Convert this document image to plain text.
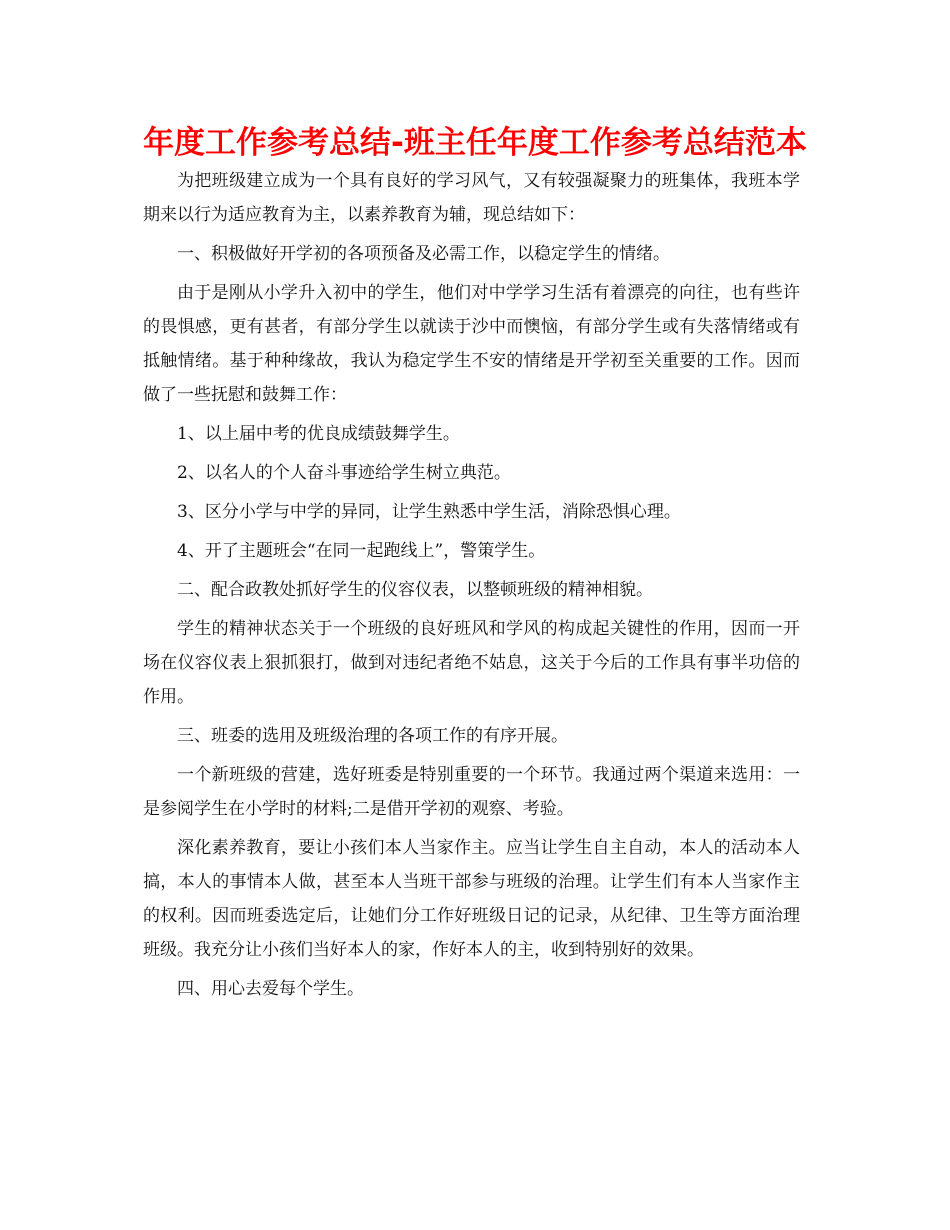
年度工作参考总结-班主任年度工作参考总结范本

为把班级建立成为一个具有良好的学习风气，又有较强凝聚力的班集体，我班本学期来以行为适应教育为主，以素养教育为辅，现总结如下：

一、积极做好开学初的各项预备及必需工作，以稳定学生的情绪。

由于是刚从小学升入初中的学生，他们对中学学习生活有着漂亮的向往，也有些许的畏惧感，更有甚者，有部分学生以就读于沙中而懊恼，有部分学生或有失落情绪或有抵触情绪。基于种种缘故，我认为稳定学生不安的情绪是开学初至关重要的工作。因而做了一些抚慰和鼓舞工作：

1、以上届中考的优良成绩鼓舞学生。

2、以名人的个人奋斗事迹给学生树立典范。

3、区分小学与中学的异同，让学生熟悉中学生活，消除恐惧心理。

4、开了主题班会“在同一起跑线上”，警策学生。

二、配合政教处抓好学生的仪容仪表，以整顿班级的精神相貌。

学生的精神状态关于一个班级的良好班风和学风的构成起关键性的作用，因而一开场在仪容仪表上狠抓狠打，做到对违纪者绝不姑息，这关于今后的工作具有事半功倍的作用。

三、班委的选用及班级治理的各项工作的有序开展。

一个新班级的营建，选好班委是特别重要的一个环节。我通过两个渠道来选用：一是参阅学生在小学时的材料;二是借开学初的观察、考验。

深化素养教育，要让小孩们本人当家作主。应当让学生自主自动，本人的活动本人搞，本人的事情本人做，甚至本人当班干部参与班级的治理。让学生们有本人当家作主的权利。因而班委选定后，让她们分工作好班级日记的记录，从纪律、卫生等方面治理班级。我充分让小孩们当好本人的家，作好本人的主，收到特别好的效果。

四、用心去爱每个学生。
